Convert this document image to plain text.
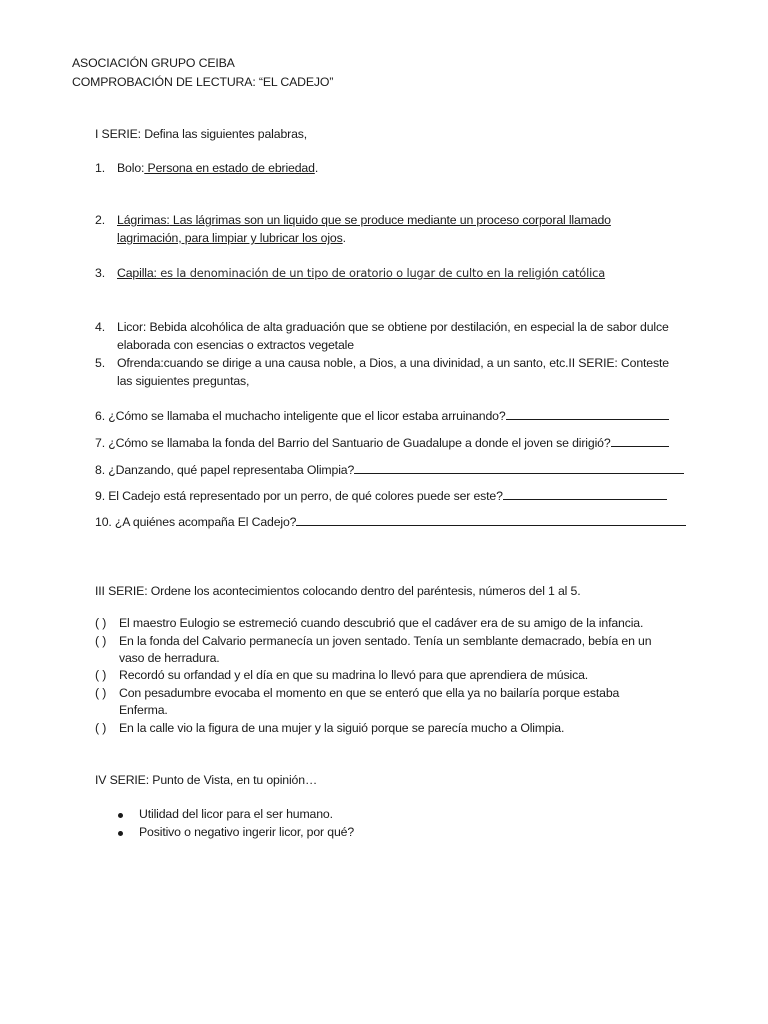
ASOCIACIÓN GRUPO CEIBA
COMPROBACIÓN DE LECTURA: “EL CADEJO”
I SERIE: Defina las siguientes palabras,
1. Bolo: Persona en estado de ebriedad.
2. Lágrimas: Las lágrimas son un liquido que se produce mediante un proceso corporal llamado
lagrimación, para limpiar y lubricar los ojos.
3. Capilla: es la denominación de un tipo de oratorio o lugar de culto en la religión católica
4. Licor: Bebida alcohólica de alta graduación que se obtiene por destilación, en especial la de sabor dulce
elaborada con esencias o extractos vegetale
5. Ofrenda:cuando se dirige a una causa noble, a Dios, a una divinidad, a un santo, etc.II SERIE: Conteste
las siguientes preguntas,
6. ¿Cómo se llamaba el muchacho inteligente que el licor estaba arruinando?
7. ¿Cómo se llamaba la fonda del Barrio del Santuario de Guadalupe a donde el joven se dirigió?
8. ¿Danzando, qué papel representaba Olimpia?
9. El Cadejo está representado por un perro, de qué colores puede ser este?
10. ¿A quiénes acompaña El Cadejo?
III SERIE: Ordene los acontecimientos colocando dentro del paréntesis, números del 1 al 5.
( ) El maestro Eulogio se estremeció cuando descubrió que el cadáver era de su amigo de la infancia.
( ) En la fonda del Calvario permanecía un joven sentado. Tenía un semblante demacrado, bebía en un
vaso de herradura.
( ) Recordó su orfandad y el día en que su madrina lo llevó para que aprendiera de música.
( ) Con pesadumbre evocaba el momento en que se enteró que ella ya no bailaría porque estaba
Enferma.
( ) En la calle vio la figura de una mujer y la siguió porque se parecía mucho a Olimpia.
IV SERIE: Punto de Vista, en tu opinión…
Utilidad del licor para el ser humano.
Positivo o negativo ingerir licor, por qué?
